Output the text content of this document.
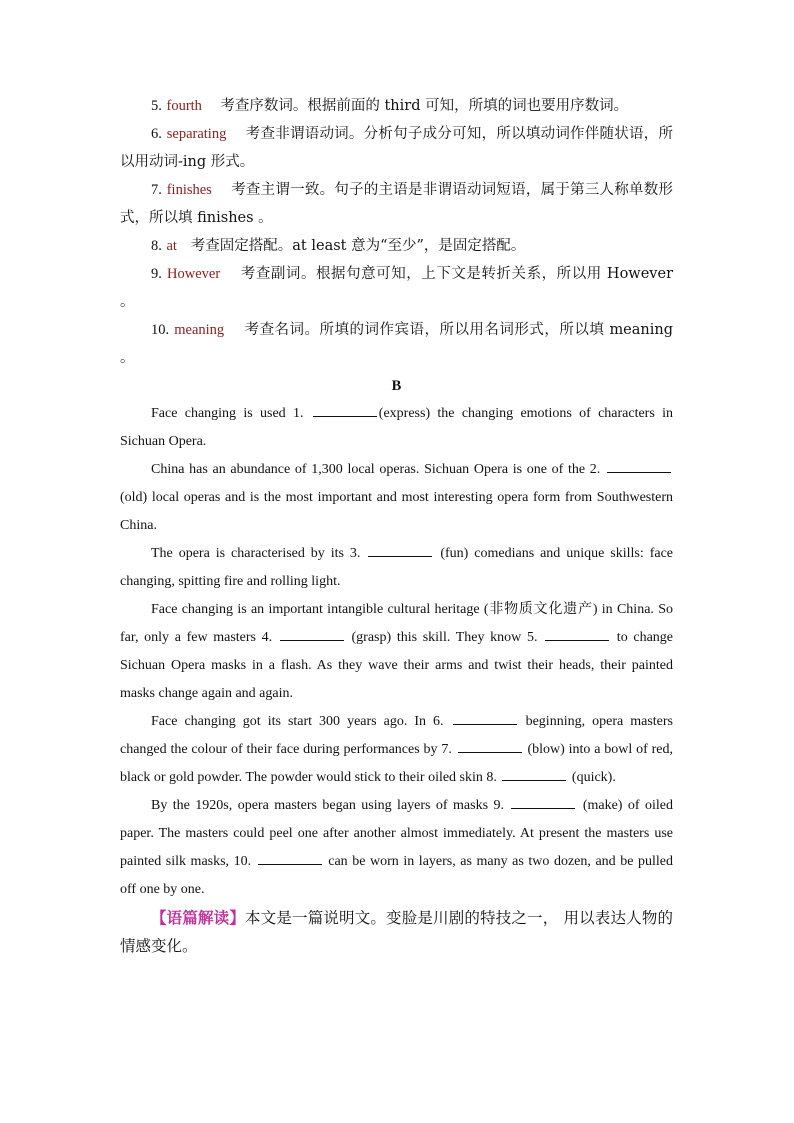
5. fourth 考查序数词。根据前面的 third 可知，所填的词也要用序数词。

6. separating 考查非谓语动词。分析句子成分可知，所以填动词作伴随状语，所以用动词-ing 形式。

7. finishes 考查主谓一致。句子的主语是非谓语动词短语，属于第三人称单数形式，所以填 finishes 。

8. at 考查固定搭配。at least 意为“至少”，是固定搭配。

9. However 考查副词。根据句意可知，上下文是转折关系，所以用 However 。

10. meaning 考查名词。所填的词作宾语，所以用名词形式，所以填 meaning 。

B

Face changing is used 1.	(express) the changing emotions of characters in Sichuan Opera.

China has an abundance of 1,300 local operas. Sichuan Opera is one of the 2.  (old) local operas and is the most important and most interesting opera form from Southwestern China.

The opera is characterised by its 3.	(fun) comedians and unique skills: face changing, spitting fire and rolling light.

Face changing is an important intangible cultural heritage (非物质文化遗产) in China. So far, only a few masters 4.	(grasp) this skill. They know 5.	to change Sichuan Opera masks in a flash. As they wave their arms and twist their heads, their painted masks change again and again.

Face changing got its start 300 years ago. In 6.	beginning, opera masters changed the colour of their face during performances by 7.	(blow) into a bowl of red, black or gold powder. The powder would stick to their oiled skin 8.	(quick).

By the 1920s, opera masters began using layers of masks 9.	(make) of oiled paper. The masters could peel one after another almost immediately. At present the masters use painted silk masks, 10.	can be worn in layers, as many as two dozen, and be pulled off one by one.

【语篇解读】本文是一篇说明文。变脸是川剧的特技之一， 用以表达人物的情感变化。
